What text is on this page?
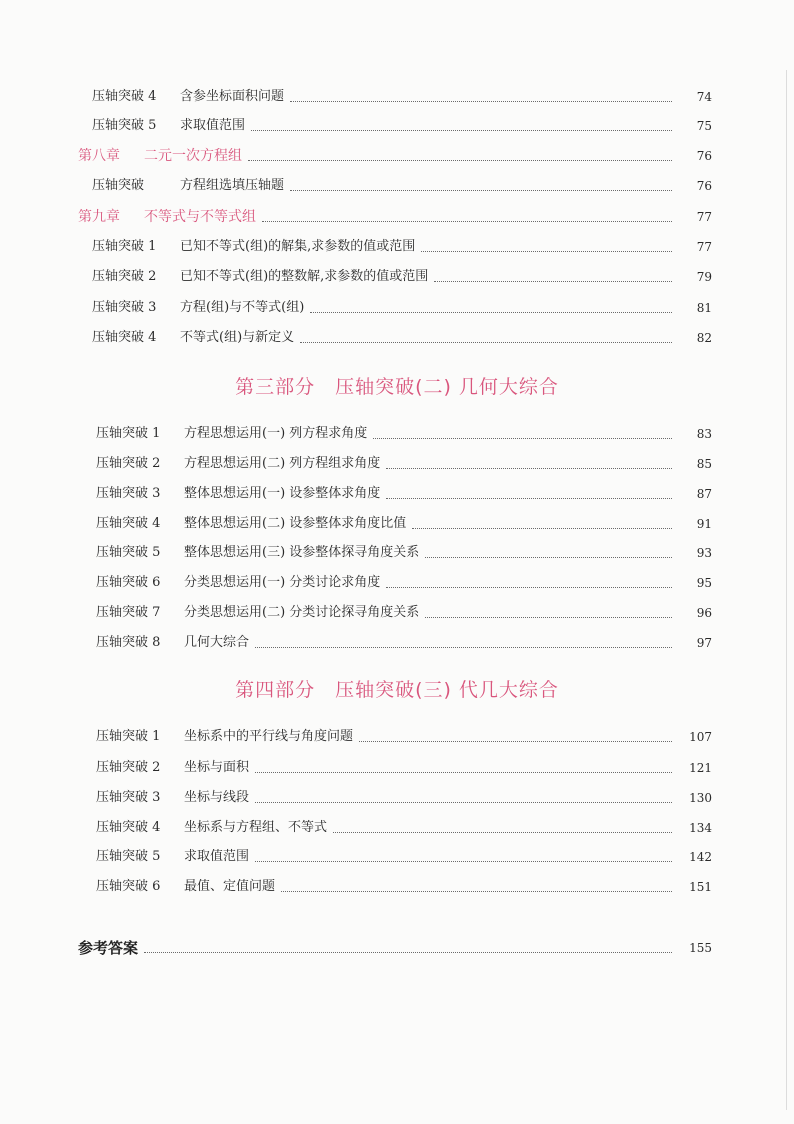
压轴突破 4	含参坐标面积问题	74
压轴突破 5	求取值范围	75
第八章	二元一次方程组	76
压轴突破	方程组选填压轴题	76
第九章	不等式与不等式组	77
压轴突破 1	已知不等式(组)的解集,求参数的值或范围	77
压轴突破 2	已知不等式(组)的整数解,求参数的值或范围	79
压轴突破 3	方程(组)与不等式(组)	81
压轴突破 4	不等式(组)与新定义	82
第三部分　压轴突破(二) 几何大综合
压轴突破 1	方程思想运用(一) 列方程求角度	83
压轴突破 2	方程思想运用(二) 列方程组求角度	85
压轴突破 3	整体思想运用(一) 设参整体求角度	87
压轴突破 4	整体思想运用(二) 设参整体求角度比值	91
压轴突破 5	整体思想运用(三) 设参整体探寻角度关系	93
压轴突破 6	分类思想运用(一) 分类讨论求角度	95
压轴突破 7	分类思想运用(二) 分类讨论探寻角度关系	96
压轴突破 8	几何大综合	97
第四部分　压轴突破(三) 代几大综合
压轴突破 1	坐标系中的平行线与角度问题	107
压轴突破 2	坐标与面积	121
压轴突破 3	坐标与线段	130
压轴突破 4	坐标系与方程组、不等式	134
压轴突破 5	求取值范围	142
压轴突破 6	最值、定值问题	151
参考答案	155
